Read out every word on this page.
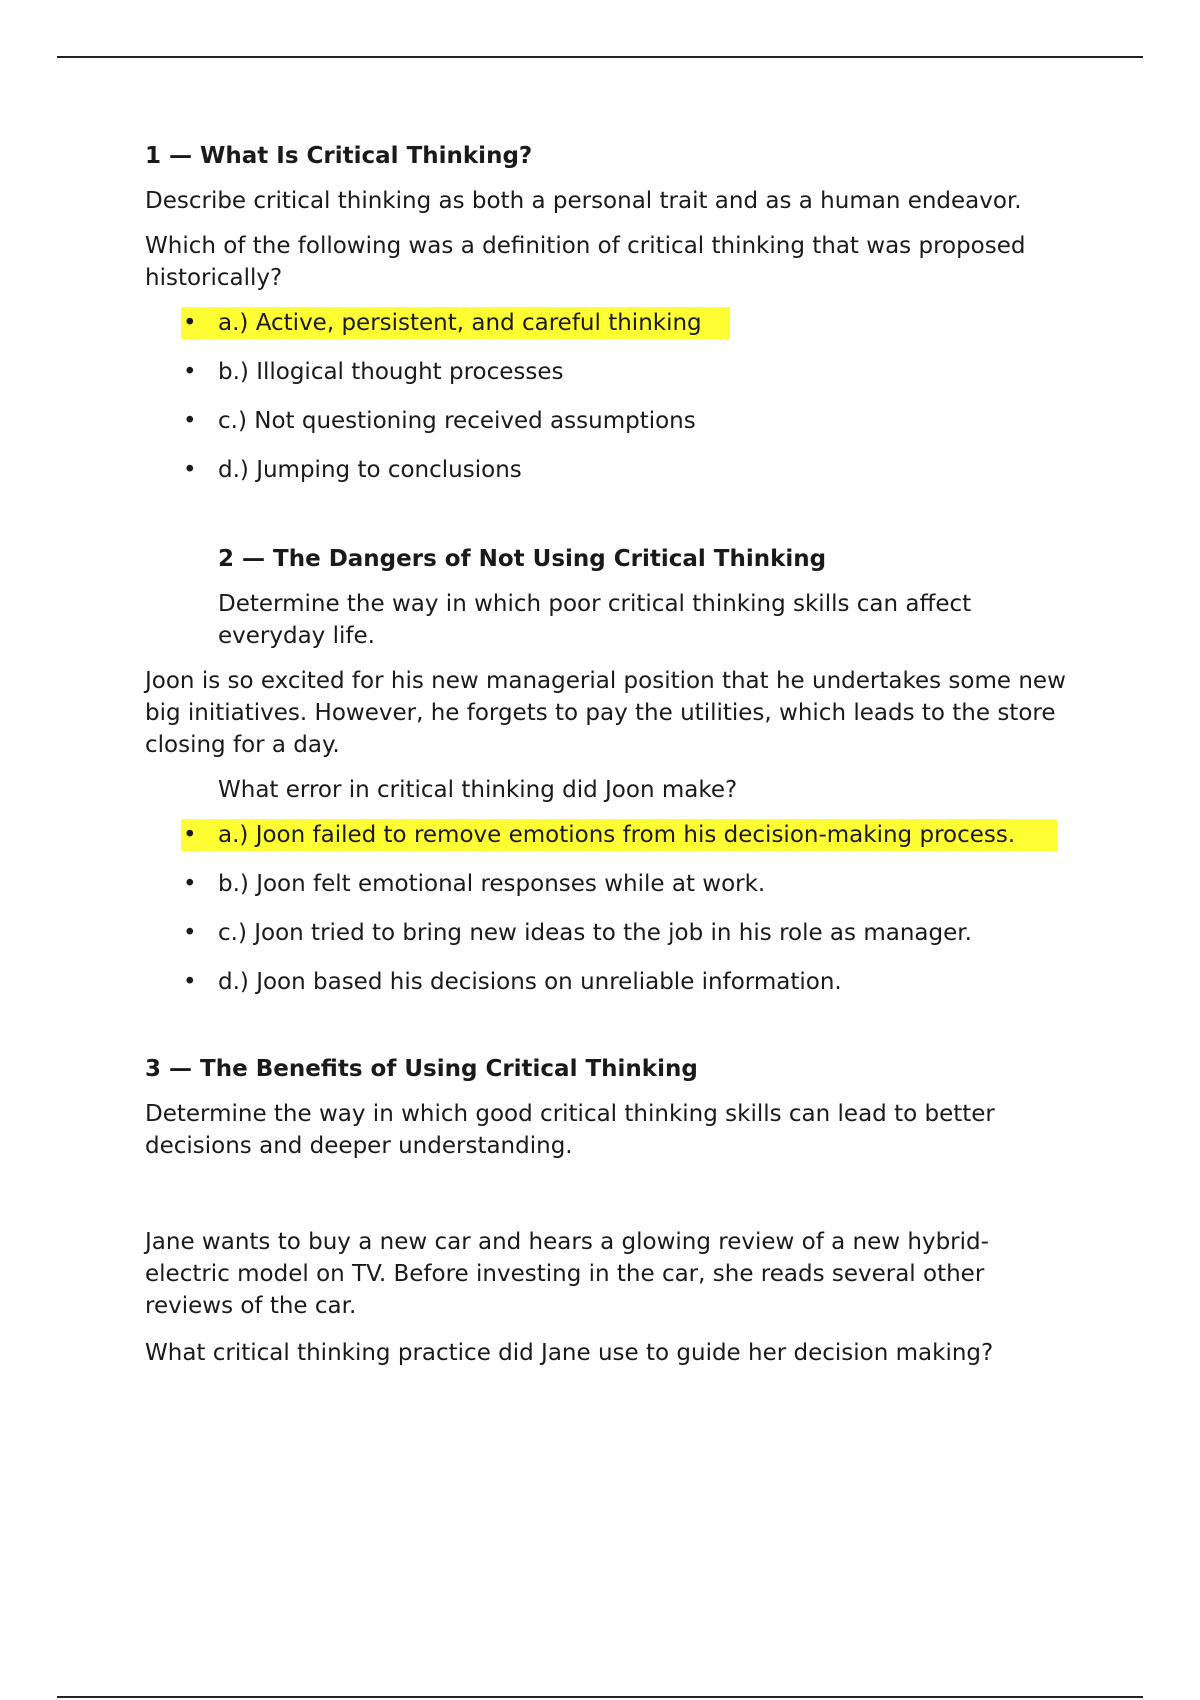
1 — What Is Critical Thinking?

Describe critical thinking as both a personal trait and as a human endeavor.

Which of the following was a definition of critical thinking that was proposed historically?

• a.) Active, persistent, and careful thinking
• b.) Illogical thought processes
• c.) Not questioning received assumptions
• d.) Jumping to conclusions

2 — The Dangers of Not Using Critical Thinking

Determine the way in which poor critical thinking skills can affect everyday life.

Joon is so excited for his new managerial position that he undertakes some new big initiatives. However, he forgets to pay the utilities, which leads to the store closing for a day.

What error in critical thinking did Joon make?

• a.) Joon failed to remove emotions from his decision-making process.
• b.) Joon felt emotional responses while at work.
• c.) Joon tried to bring new ideas to the job in his role as manager.
• d.) Joon based his decisions on unreliable information.

3 — The Benefits of Using Critical Thinking

Determine the way in which good critical thinking skills can lead to better decisions and deeper understanding.

Jane wants to buy a new car and hears a glowing review of a new hybrid-electric model on TV. Before investing in the car, she reads several other reviews of the car.

What critical thinking practice did Jane use to guide her decision making?
